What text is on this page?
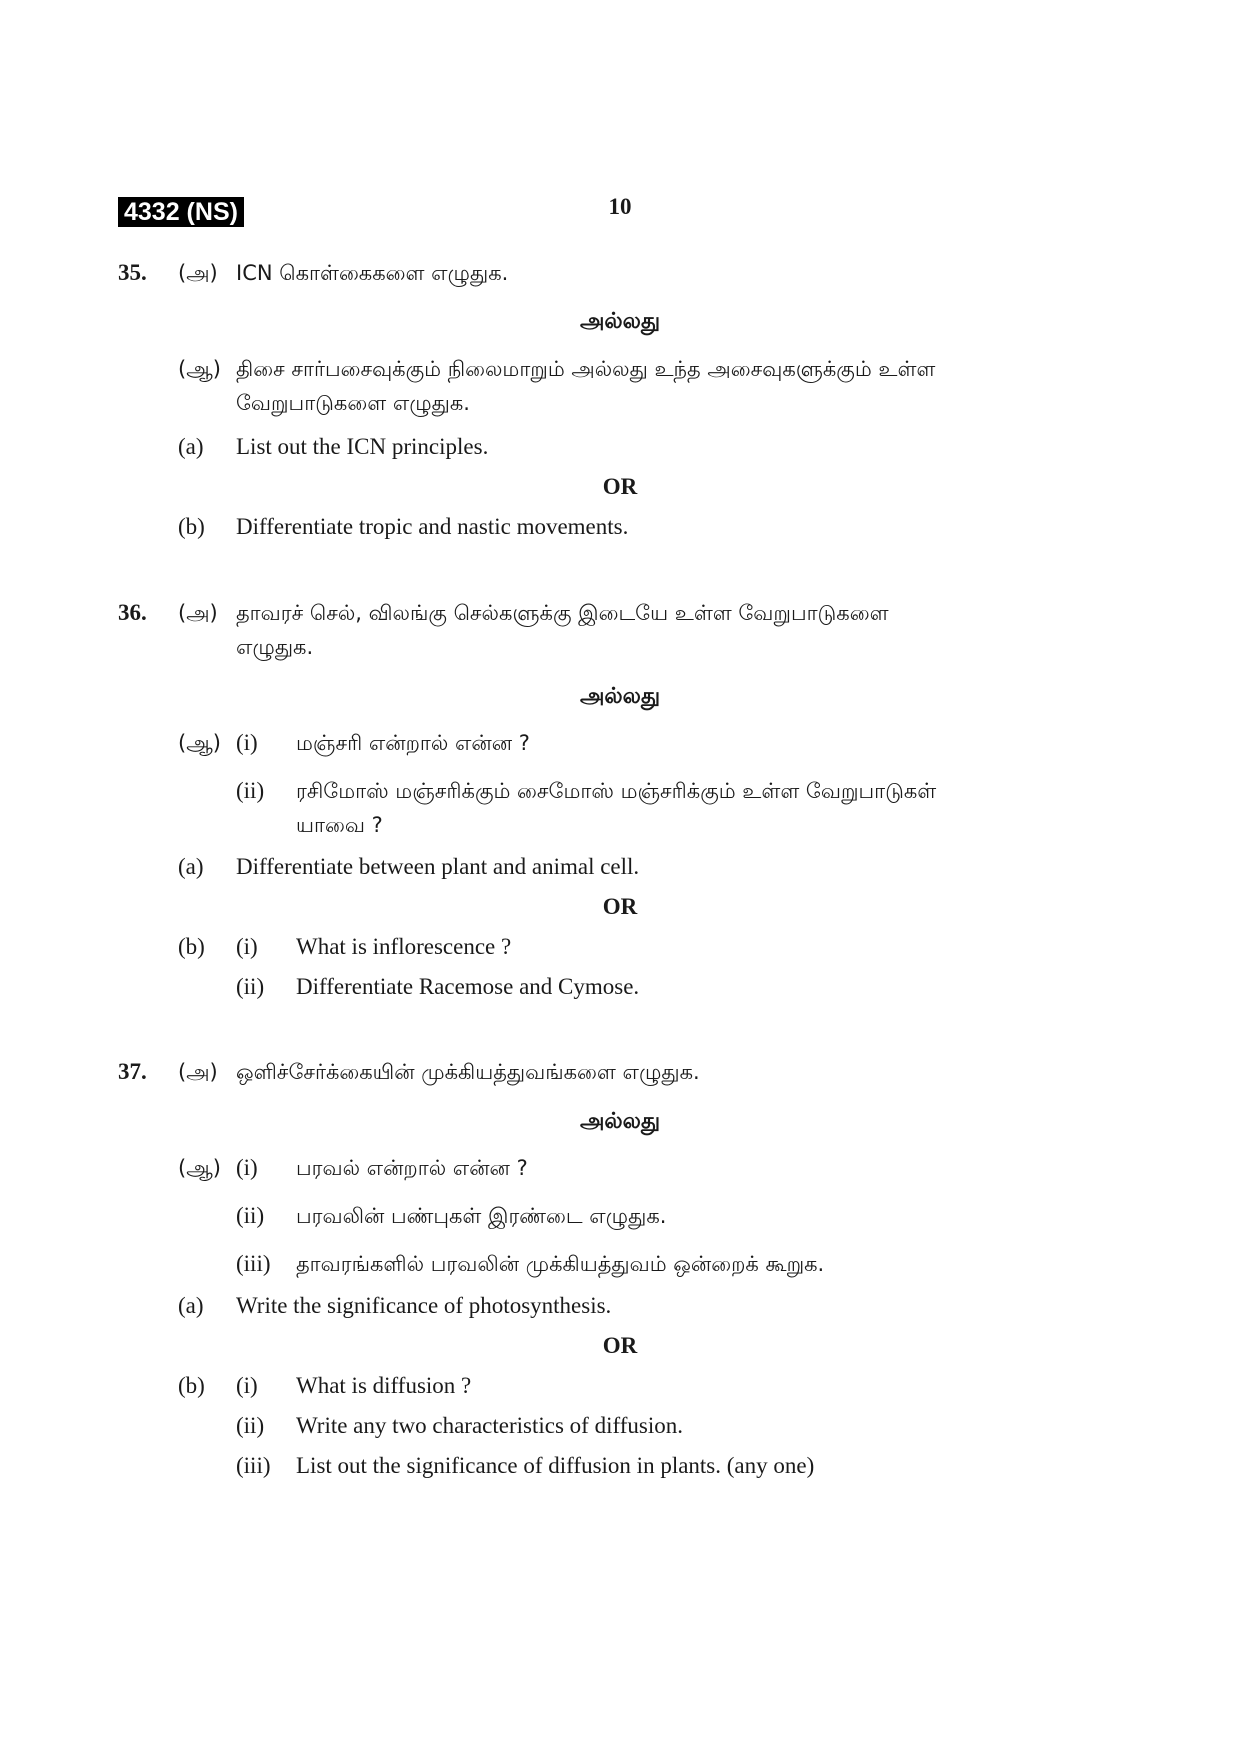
4332 (NS)	10
35. (அ) ICN கொள்கைகளை எழுதுக.
அல்லது
(ஆ) திசை சார்பசைவுக்கும் நிலைமாறும் அல்லது உந்த அசைவுகளுக்கும் உள்ள
வேறுபாடுகளை எழுதுக.
(a) List out the ICN principles.
OR
(b) Differentiate tropic and nastic movements.
36. (அ) தாவரச் செல், விலங்கு செல்களுக்கு இடையே உள்ள வேறுபாடுகளை
எழுதுக.
அல்லது
(ஆ) (i) மஞ்சரி என்றால் என்ன ?
(ii) ரசிமோஸ் மஞ்சரிக்கும் சைமோஸ் மஞ்சரிக்கும் உள்ள வேறுபாடுகள்
யாவை ?
(a) Differentiate between plant and animal cell.
OR
(b) (i) What is inflorescence ?
(ii) Differentiate Racemose and Cymose.
37. (அ) ஒளிச்சேர்க்கையின் முக்கியத்துவங்களை எழுதுக.
அல்லது
(ஆ) (i) பரவல் என்றால் என்ன ?
(ii) பரவலின் பண்புகள் இரண்டை எழுதுக.
(iii) தாவரங்களில் பரவலின் முக்கியத்துவம் ஒன்றைக் கூறுக.
(a) Write the significance of photosynthesis.
OR
(b) (i) What is diffusion ?
(ii) Write any two characteristics of diffusion.
(iii) List out the significance of diffusion in plants. (any one)
